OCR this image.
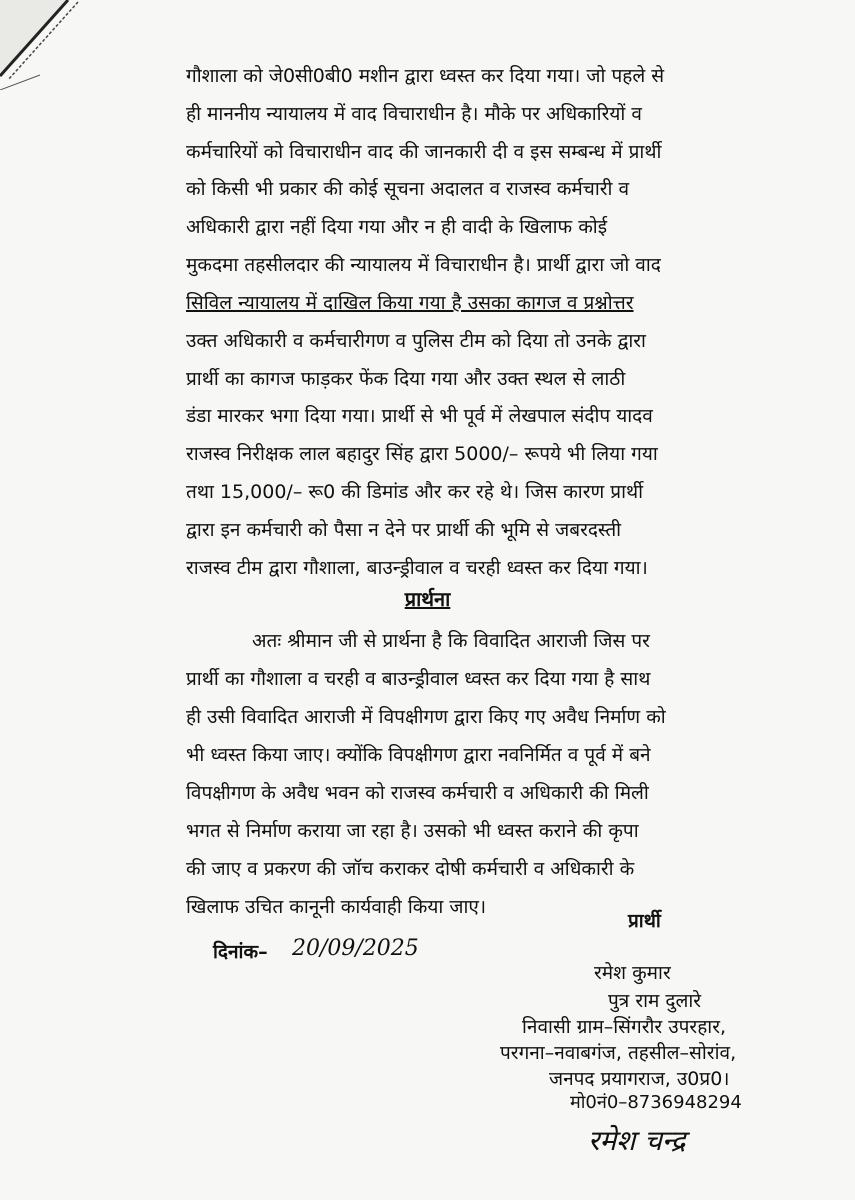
गौशाला को जे0सी0बी0 मशीन द्वारा ध्वस्त कर दिया गया। जो पहले से
ही माननीय न्यायालय में वाद विचाराधीन है। मौके पर अधिकारियों व
कर्मचारियों को विचाराधीन वाद की जानकारी दी व इस सम्बन्ध में प्रार्थी
को किसी भी प्रकार की कोई सूचना अदालत व राजस्व कर्मचारी व
अधिकारी द्वारा नहीं दिया गया और न ही वादी के खिलाफ कोई
मुकदमा तहसीलदार की न्यायालय में विचाराधीन है। प्रार्थी द्वारा जो वाद
सिविल न्यायालय में दाखिल किया गया है उसका कागज व प्रश्नोत्तर
उक्त अधिकारी व कर्मचारीगण व पुलिस टीम को दिया तो उनके द्वारा
प्रार्थी का कागज फाड़कर फेंक दिया गया और उक्त स्थल से लाठी
डंडा मारकर भगा दिया गया। प्रार्थी से भी पूर्व में लेखपाल संदीप यादव
राजस्व निरीक्षक लाल बहादुर सिंह द्वारा 5000/– रूपये भी लिया गया
तथा 15,000/– रू0 की डिमांड और कर रहे थे। जिस कारण प्रार्थी
द्वारा इन कर्मचारी को पैसा न देने पर प्रार्थी की भूमि से जबरदस्ती
राजस्व टीम द्वारा गौशाला, बाउन्ड्रीवाल व चरही ध्वस्त कर दिया गया।
प्रार्थना
अतः श्रीमान जी से प्रार्थना है कि विवादित आराजी जिस पर
प्रार्थी का गौशाला व चरही व बाउन्ड्रीवाल ध्वस्त कर दिया गया है साथ
ही उसी विवादित आराजी में विपक्षीगण द्वारा किए गए अवैध निर्माण को
भी ध्वस्त किया जाए। क्योंकि विपक्षीगण द्वारा नवनिर्मित व पूर्व में बने
विपक्षीगण के अवैध भवन को राजस्व कर्मचारी व अधिकारी की मिली
भगत से निर्माण कराया जा रहा है। उसको भी ध्वस्त कराने की कृपा
की जाए व प्रकरण की जॉच कराकर दोषी कर्मचारी व अधिकारी के
खिलाफ उचित कानूनी कार्यवाही किया जाए।
प्रार्थी
दिनांक– 20/09/2025
रमेश कुमार
पुत्र राम दुलारे
निवासी ग्राम–सिंगरौर उपरहार,
परगना–नवाबगंज, तहसील–सोरांव,
जनपद प्रयागराज, उ0प्र0।
मो0नं0–8736948294
रमेश चन्द्र
